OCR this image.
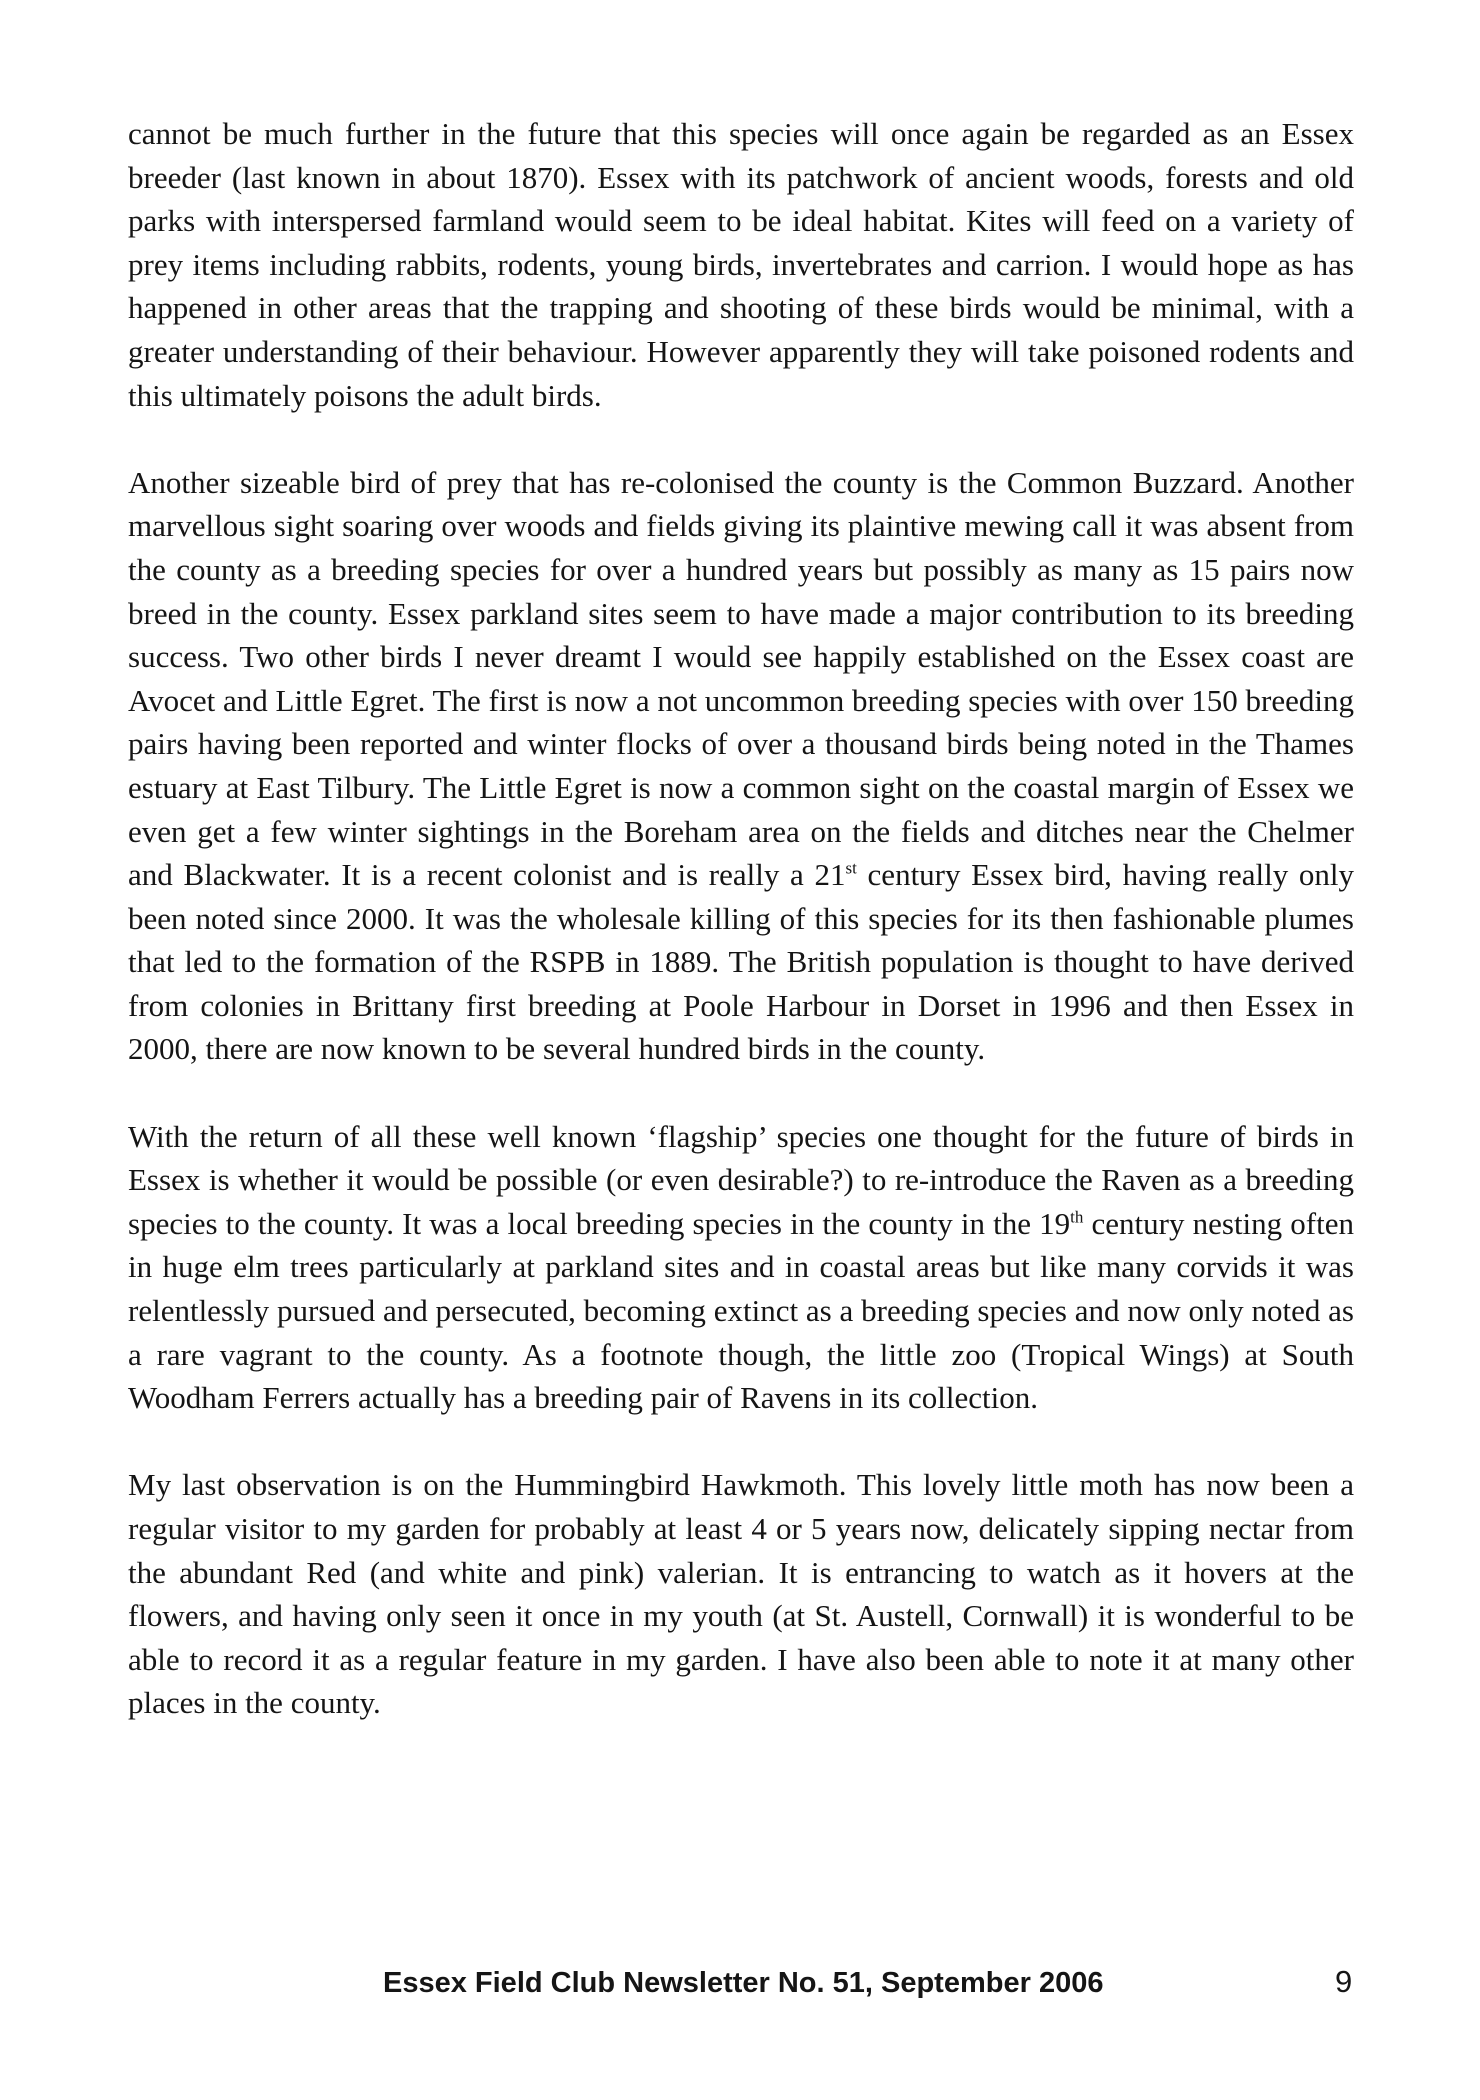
cannot be much further in the future that this species will once again be regarded as an Essex breeder (last known in about 1870). Essex with its patchwork of ancient woods, forests and old parks with interspersed farmland would seem to be ideal habitat. Kites will feed on a variety of prey items including rabbits, rodents, young birds, invertebrates and carrion. I would hope as has happened in other areas that the trapping and shooting of these birds would be minimal, with a greater understanding of their behaviour. However apparently they will take poisoned rodents and this ultimately poisons the adult birds.

Another sizeable bird of prey that has re-colonised the county is the Common Buzzard. Another marvellous sight soaring over woods and fields giving its plaintive mewing call it was absent from the county as a breeding species for over a hundred years but possibly as many as 15 pairs now breed in the county. Essex parkland sites seem to have made a major contribution to its breeding success. Two other birds I never dreamt I would see happily established on the Essex coast are Avocet and Little Egret. The first is now a not uncommon breeding species with over 150 breeding pairs having been reported and winter flocks of over a thousand birds being noted in the Thames estuary at East Tilbury. The Little Egret is now a common sight on the coastal margin of Essex we even get a few winter sightings in the Boreham area on the fields and ditches near the Chelmer and Blackwater. It is a recent colonist and is really a 21st century Essex bird, having really only been noted since 2000. It was the wholesale killing of this species for its then fashionable plumes that led to the formation of the RSPB in 1889. The British population is thought to have derived from colonies in Brittany first breeding at Poole Harbour in Dorset in 1996 and then Essex in 2000, there are now known to be several hundred birds in the county.

With the return of all these well known ‘flagship’ species one thought for the future of birds in Essex is whether it would be possible (or even desirable?) to re-introduce the Raven as a breeding species to the county. It was a local breeding species in the county in the 19th century nesting often in huge elm trees particularly at parkland sites and in coastal areas but like many corvids it was relentlessly pursued and persecuted, becoming extinct as a breeding species and now only noted as a rare vagrant to the county. As a footnote though, the little zoo (Tropical Wings) at South Woodham Ferrers actually has a breeding pair of Ravens in its collection.

My last observation is on the Hummingbird Hawkmoth. This lovely little moth has now been a regular visitor to my garden for probably at least 4 or 5 years now, delicately sipping nectar from the abundant Red (and white and pink) valerian. It is entrancing to watch as it hovers at the flowers, and having only seen it once in my youth (at St. Austell, Cornwall) it is wonderful to be able to record it as a regular feature in my garden. I have also been able to note it at many other places in the county.

Essex Field Club Newsletter No. 51, September 2006	9
